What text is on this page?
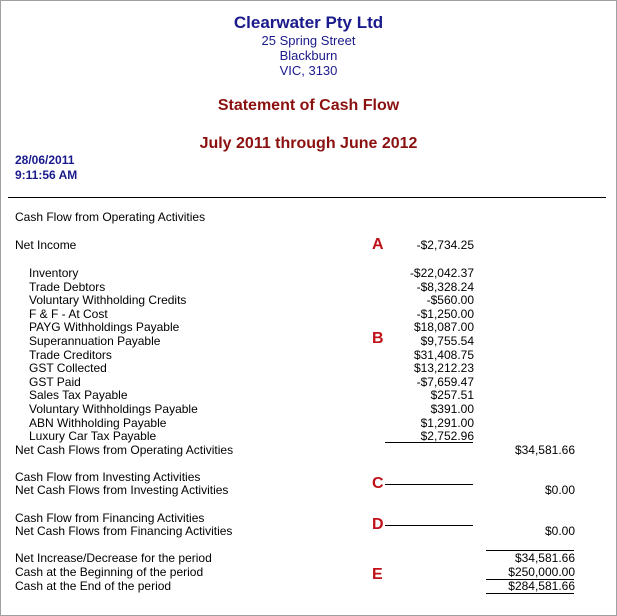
Clearwater Pty Ltd
25 Spring Street
Blackburn
VIC, 3130
Statement of Cash Flow
July 2011 through June 2012
28/06/2011
9:11:56 AM
Cash Flow from Operating Activities
Net Income	A	-$2,734.25
Inventory	-$22,042.37
Trade Debtors	-$8,328.24
Voluntary Withholding Credits	-$560.00
F & F - At Cost	-$1,250.00
PAYG Withholdings Payable	$18,087.00
Superannuation Payable	$9,755.54
Trade Creditors	$31,408.75
GST Collected	$13,212.23
GST Paid	-$7,659.47
Sales Tax Payable	$257.51
Voluntary Withholdings Payable	$391.00
ABN Withholding Payable	$1,291.00
Luxury Car Tax Payable	$2,752.96
B
Net Cash Flows from Operating Activities	$34,581.66
Cash Flow from Investing Activities
Net Cash Flows from Investing Activities	C	$0.00
Cash Flow from Financing Activities
Net Cash Flows from Financing Activities	D	$0.00
Net Increase/Decrease for the period	$34,581.66
Cash at the Beginning of the period	E	$250,000.00
Cash at the End of the period	$284,581.66
